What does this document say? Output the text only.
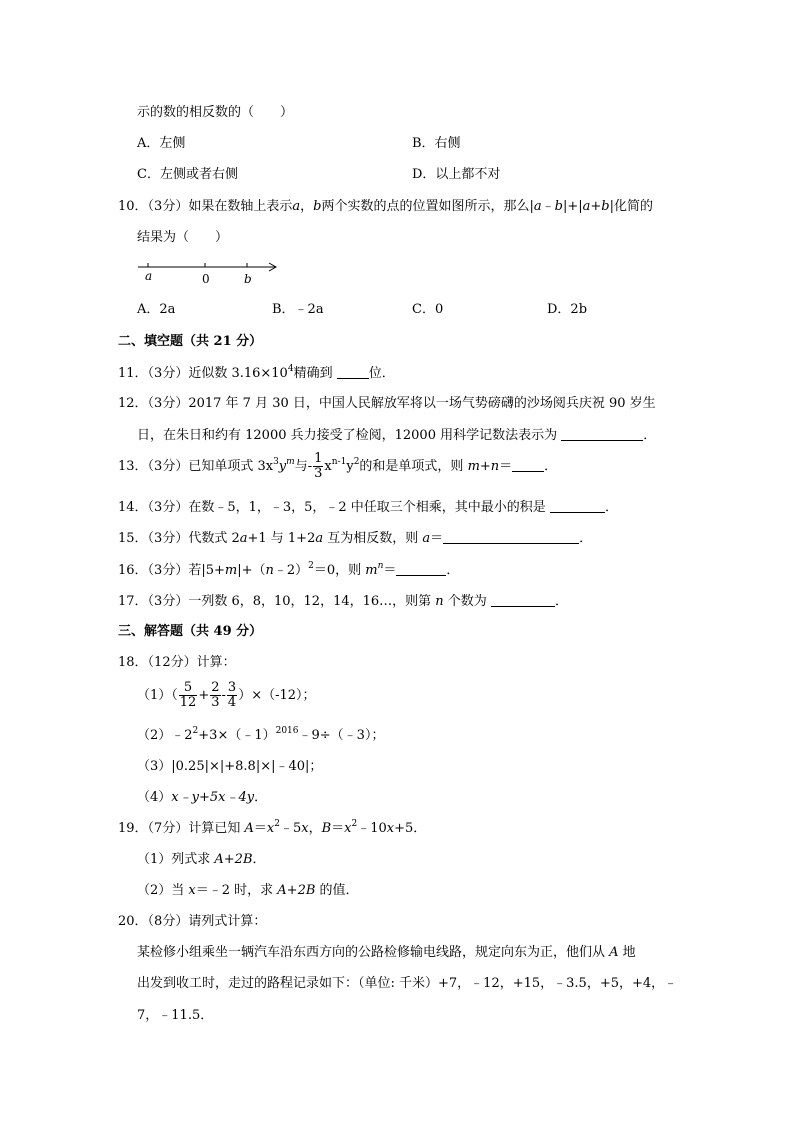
示的数的相反数的（　　）
A．左侧	B．右侧
C．左侧或者右侧	D．以上都不对
10．（3分）如果在数轴上表示a，b两个实数的点的位置如图所示，那么|a﹣b|+|a+b|化简的
结果为（　　）
a	0	b
A．2a	B．﹣2a	C．0	D．2b
二、填空题（共 21 分）
11．（3分）近似数 $3.16\times 10^4$精确到 位．
12．（3分）2017 年 7 月 30 日，中国人民解放军将以一场气势磅礴的沙场阅兵庆祝 90 岁生
日，在朱日和约有 12000 兵力接受了检阅，12000 用科学记数法表示为	．
13．（3分）已知单项式 $3x^3y^m$与- $\frac{1}{3} x^{n-1}y^2$的和是单项式，则 m+n＝ ．
14．（3分）在数﹣5，1，﹣3，5，﹣2 中任取三个相乘，其中最小的积是	．
15．（3分）代数式 2a+1 与 1+2a 互为相反数，则 a＝	．
16．（3分）若|5+m|+（n﹣2）$^2$＝0，则 $m^n=$	．
17．（3分）一列数 6，8，10，12，14，16…，则第 n 个数为	．
三、解答题（共 49 分）
18．（12分）计算：
$(1)( \frac{5}{12} + \frac{2}{3} - \frac{3}{4} )\times(-12)$；
$(2)﹣2^2+3\times(﹣1)^{2016}﹣9\div(﹣3)$；
（3）|0.25|×|+8.8|×|﹣40|；
（4）x﹣y+5x﹣4y．
19．（7分）计算已知 $A=x^2﹣5x$，$B=x^2﹣10x+5$．
（1）列式求 A+2B．
（2）当 x＝﹣2 时，求 A+2B 的值．
20．（8分）请列式计算：
某检修小组乘坐一辆汽车沿东西方向的公路检修输电线路，规定向东为正，他们从 A 地
出发到收工时，走过的路程记录如下：（单位: 千米）+7，﹣12，+15，﹣3.5，+5，+4，﹣
7，﹣11.5．
